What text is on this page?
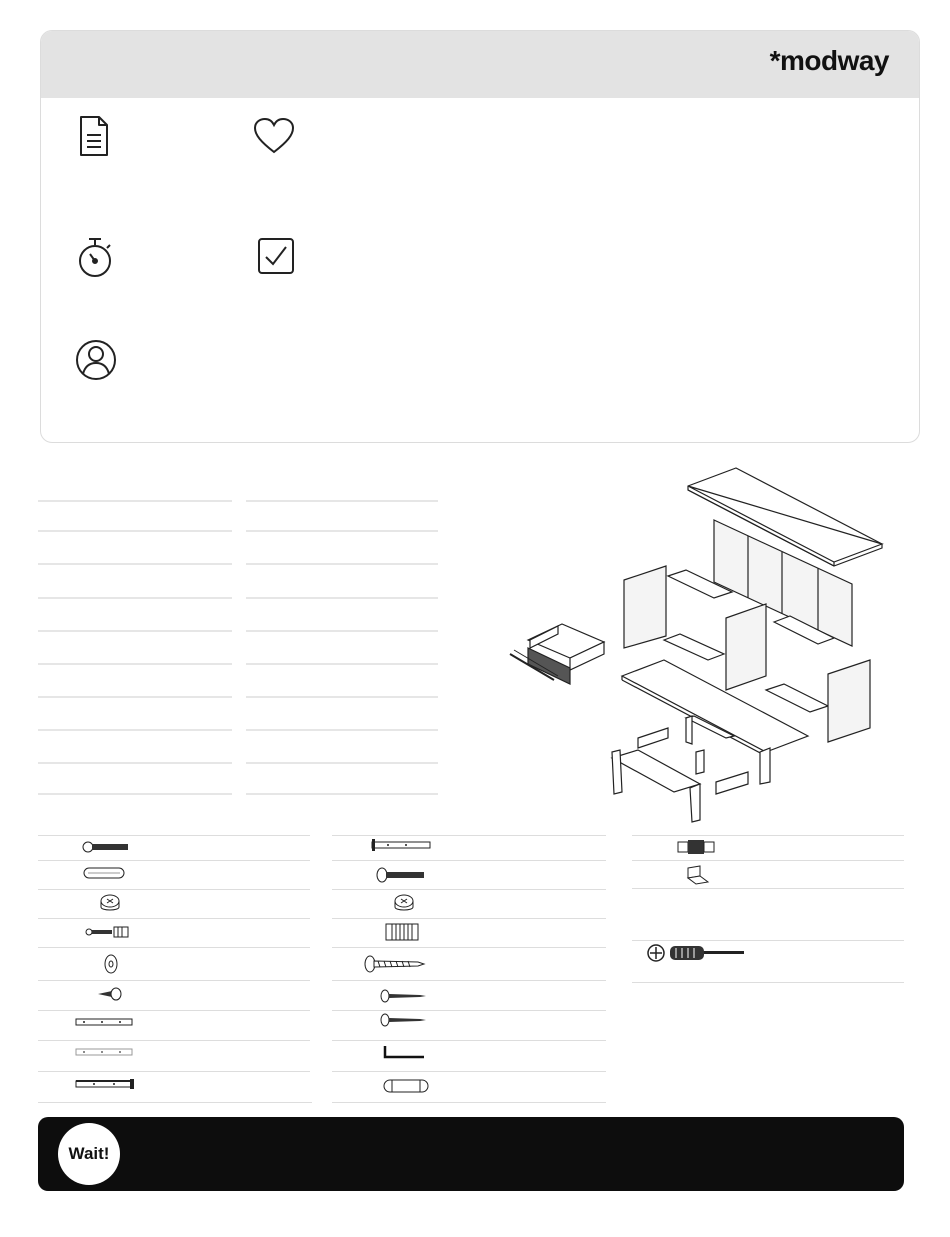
*modway
Wait!
